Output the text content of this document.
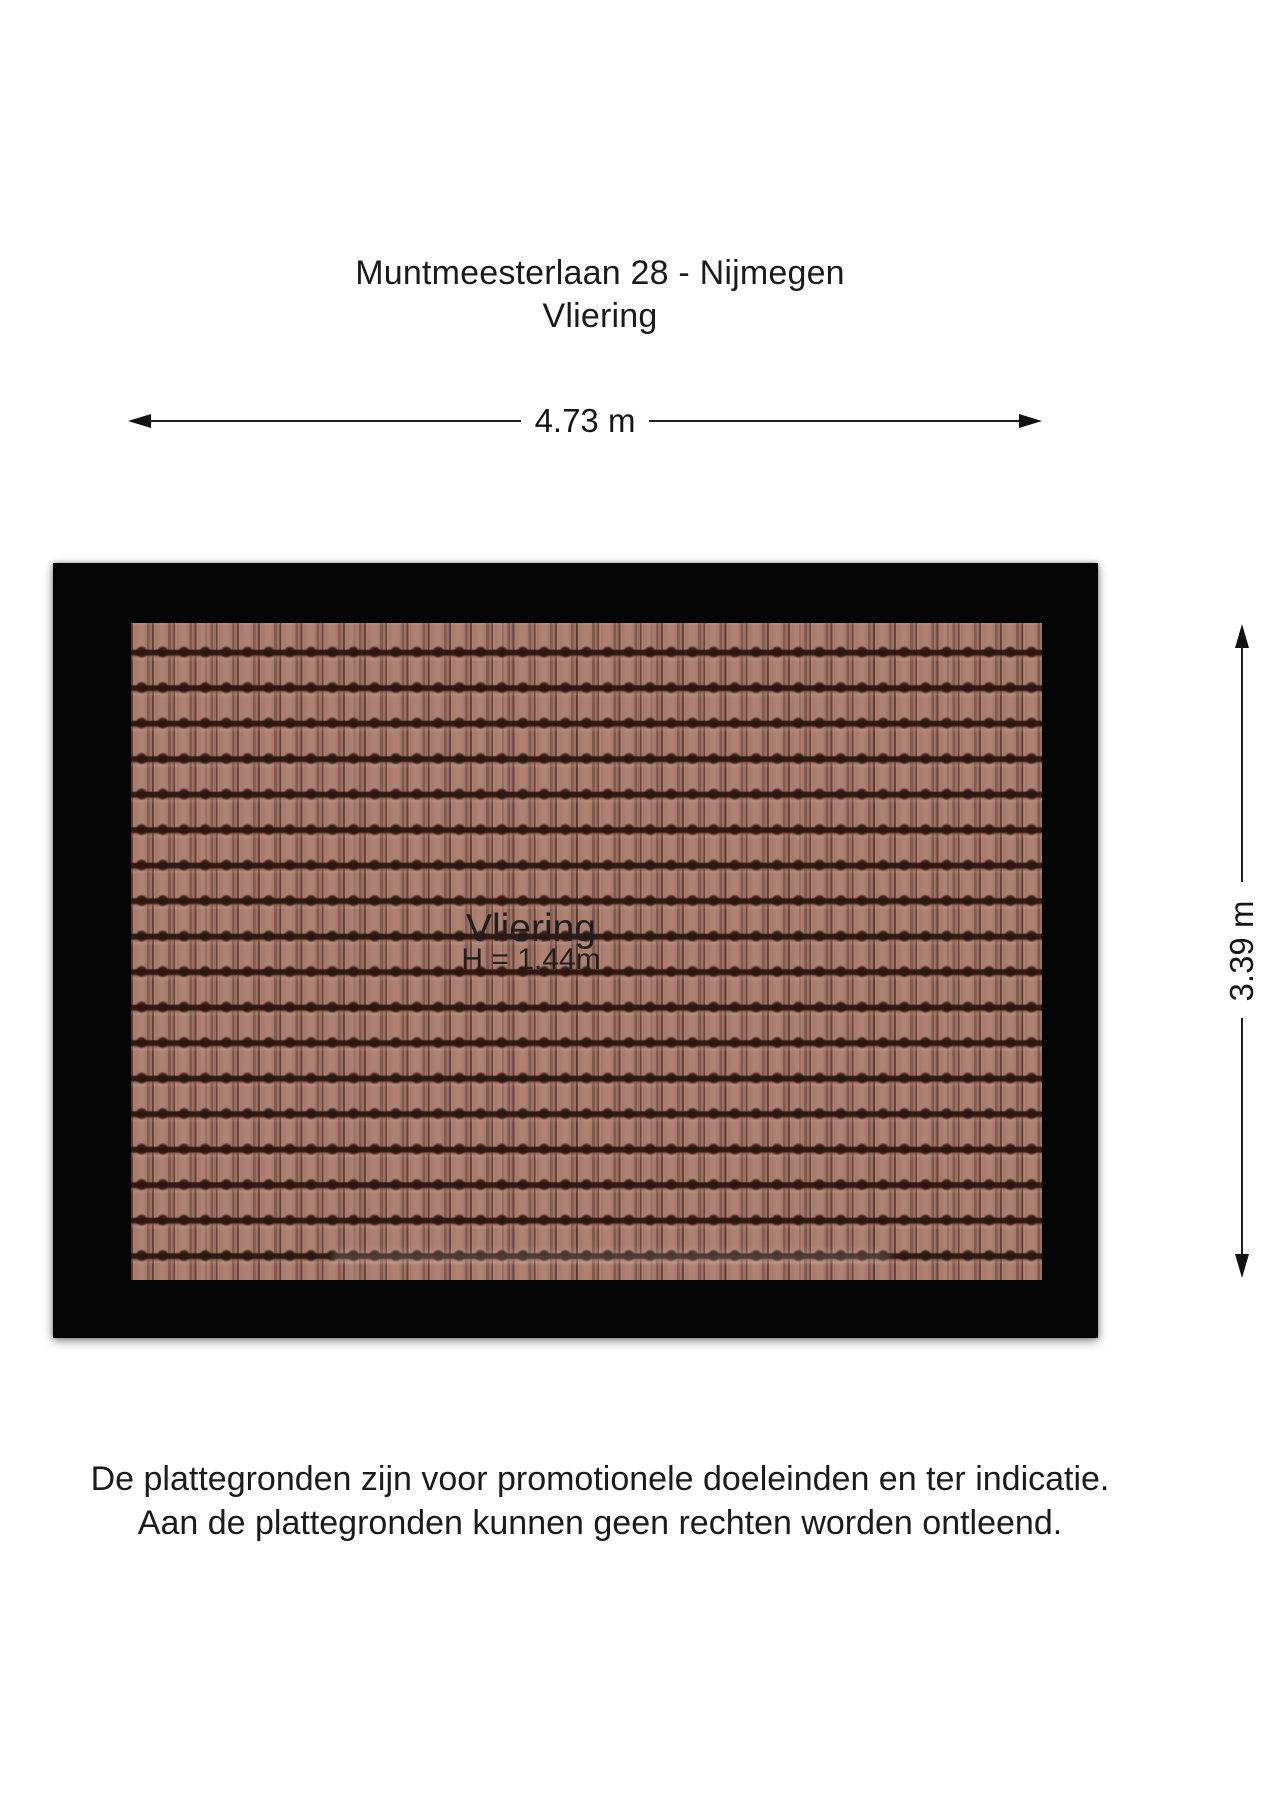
Muntmeesterlaan 28 - Nijmegen
Vliering
4.73 m
Vliering
H = 1.44m	3.39 m
De plattegronden zijn voor promotionele doeleinden en ter indicatie.
Aan de plattegronden kunnen geen rechten worden ontleend.
